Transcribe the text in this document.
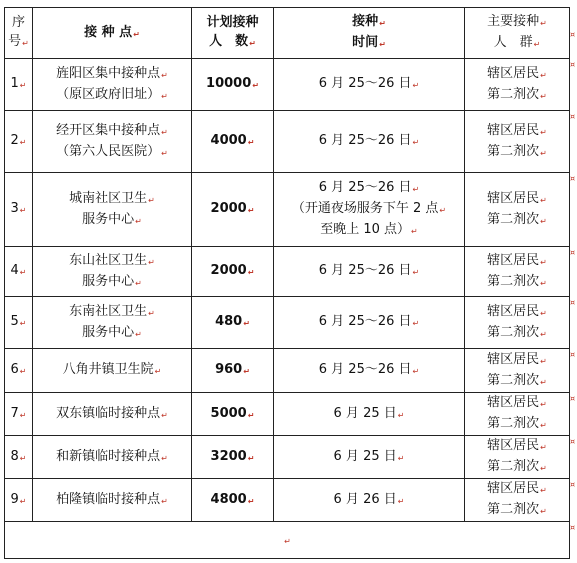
序
号↵	接 种 点↵	计划接种
人　数↵	接种↵
时间↵	主要接种↵
人　群↵

1↵	旌阳区集中接种点↵
（原区政府旧址）↵	10000↵	6 月 25～26 日↵	辖区居民↵
第二剂次↵

2↵	经开区集中接种点↵
（第六人民医院）↵	4000↵	6 月 25～26 日↵	辖区居民↵
第二剂次↵

3↵	城南社区卫生↵
服务中心↵	2000↵	6 月 25～26 日↵
（开通夜场服务下午 2 点↵
至晚上 10 点）↵	辖区居民↵
第二剂次↵

4↵	东山社区卫生↵
服务中心↵	2000↵	6 月 25～26 日↵	辖区居民↵
第二剂次↵

5↵	东南社区卫生↵
服务中心↵	480↵	6 月 25～26 日↵	辖区居民↵
第二剂次↵

6↵	八角井镇卫生院↵	960↵	6 月 25～26 日↵	辖区居民↵
第二剂次↵

7↵	双东镇临时接种点↵	5000↵	6 月 25 日↵	辖区居民↵
第二剂次↵

8↵	和新镇临时接种点↵	3200↵	6 月 25 日↵	辖区居民↵
第二剂次↵

9↵	柏隆镇临时接种点↵	4800↵	6 月 26 日↵	辖区居民↵
第二剂次↵

↵				
¤
¤
¤
¤
¤
¤
¤
¤
¤
¤
¤
